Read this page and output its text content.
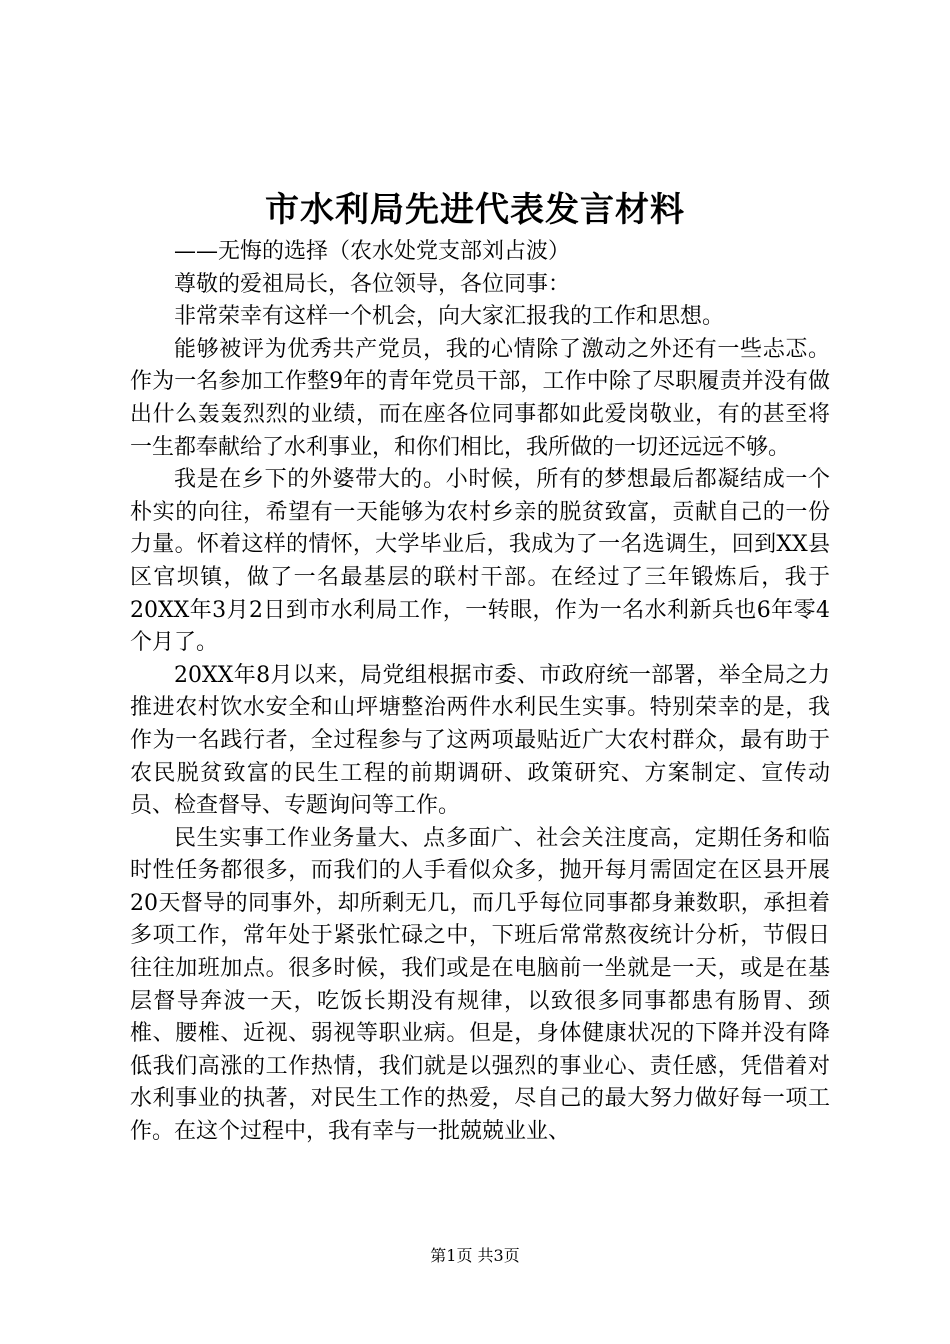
市水利局先进代表发言材料

——无悔的选择（农水处党支部刘占波）

尊敬的爱祖局长，各位领导，各位同事：

非常荣幸有这样一个机会，向大家汇报我的工作和思想。

能够被评为优秀共产党员，我的心情除了激动之外还有一些忐忑。作为一名参加工作整9年的青年党员干部，工作中除了尽职履责并没有做出什么轰轰烈烈的业绩，而在座各位同事都如此爱岗敬业，有的甚至将一生都奉献给了水利事业，和你们相比，我所做的一切还远远不够。

我是在乡下的外婆带大的。小时候，所有的梦想最后都凝结成一个朴实的向往，希望有一天能够为农村乡亲的脱贫致富，贡献自己的一份力量。怀着这样的情怀，大学毕业后，我成为了一名选调生，回到XX县区官坝镇，做了一名最基层的联村干部。在经过了三年锻炼后，我于20XX年3月2日到市水利局工作，一转眼，作为一名水利新兵也6年零4个月了。

20XX年8月以来，局党组根据市委、市政府统一部署，举全局之力推进农村饮水安全和山坪塘整治两件水利民生实事。特别荣幸的是，我作为一名践行者，全过程参与了这两项最贴近广大农村群众，最有助于农民脱贫致富的民生工程的前期调研、政策研究、方案制定、宣传动员、检查督导、专题询问等工作。

民生实事工作业务量大、点多面广、社会关注度高，定期任务和临时性任务都很多，而我们的人手看似众多，抛开每月需固定在区县开展20天督导的同事外，却所剩无几，而几乎每位同事都身兼数职，承担着多项工作，常年处于紧张忙碌之中，下班后常常熬夜统计分析，节假日往往加班加点。很多时候，我们或是在电脑前一坐就是一天，或是在基层督导奔波一天，吃饭长期没有规律，以致很多同事都患有肠胃、颈椎、腰椎、近视、弱视等职业病。但是，身体健康状况的下降并没有降低我们高涨的工作热情，我们就是以强烈的事业心、责任感，凭借着对水利事业的执著，对民生工作的热爱，尽自己的最大努力做好每一项工作。在这个过程中，我有幸与一批兢兢业业、

第1页 共3页
